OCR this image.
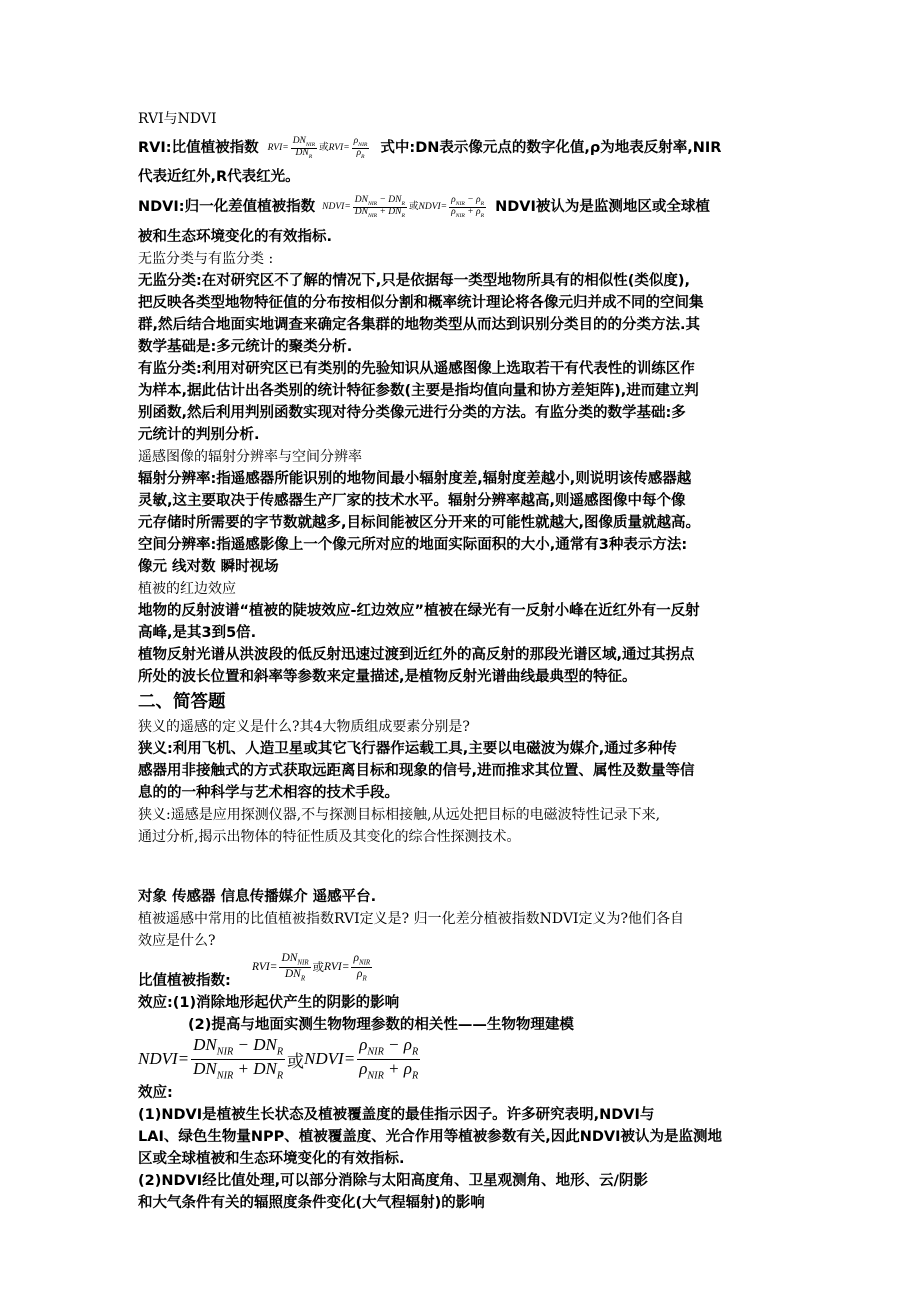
RVI与NDVI
RVI:比值植被指数 RVI = $\frac{DN_{NIR}}{DN_R}$ 或 RVI = $\frac{\rho_{NIR}}{\rho_R}$ 式中:DN表示像元点的数字化值,ρ为地表反射率,NIR
代表近红外,R代表红光。
NDVI:归一化差值植被指数 NDVI = $\frac{DN_{NIR} - DN_R}{DN_{NIR} + DN_R}$ 或 NDVI = $\frac{\rho_{NIR} - \rho_R}{\rho_{NIR} + \rho_R}$ NDVI被认为是监测地区或全球植
被和生态环境变化的有效指标.
无监分类与有监分类 :
无监分类:在对研究区不了解的情况下,只是依据每一类型地物所具有的相似性(类似度),
把反映各类型地物特征值的分布按相似分割和概率统计理论将各像元归并成不同的空间集
群,然后结合地面实地调查来确定各集群的地物类型从而达到识别分类目的的分类方法.其
数学基础是:多元统计的聚类分析.
有监分类:利用对研究区已有类别的先验知识从遥感图像上选取若干有代表性的训练区作
为样本,据此估计出各类别的统计特征参数(主要是指均值向量和协方差矩阵),进而建立判
别函数,然后利用判别函数实现对待分类像元进行分类的方法。有监分类的数学基础:多
元统计的判别分析.
遥感图像的辐射分辨率与空间分辨率
辐射分辨率:指遥感器所能识别的地物间最小辐射度差,辐射度差越小,则说明该传感器越
灵敏,这主要取决于传感器生产厂家的技术水平。辐射分辨率越高,则遥感图像中每个像
元存储时所需要的字节数就越多,目标间能被区分开来的可能性就越大,图像质量就越高。
空间分辨率:指遥感影像上一个像元所对应的地面实际面积的大小,通常有3种表示方法:
像元 线对数 瞬时视场
植被的红边效应
地物的反射波谱“植被的陡坡效应-红边效应”植被在绿光有一反射小峰在近红外有一反射
高峰,是其3到5倍.
植物反射光谱从洪波段的低反射迅速过渡到近红外的高反射的那段光谱区域,通过其拐点
所处的波长位置和斜率等参数来定量描述,是植物反射光谱曲线最典型的特征。
二、简答题
狭义的遥感的定义是什么?其4大物质组成要素分别是?
狭义:利用飞机、人造卫星或其它飞行器作运载工具,主要以电磁波为媒介,通过多种传
感器用非接触式的方式获取远距离目标和现象的信号,进而推求其位置、属性及数量等信
息的的一种科学与艺术相容的技术手段。
狭义:遥感是应用探测仪器,不与探测目标相接触,从远处把目标的电磁波特性记录下来,
通过分析,揭示出物体的特征性质及其变化的综合性探测技术。
对象 传感器 信息传播媒介 遥感平台.
植被遥感中常用的比值植被指数RVI定义是? 归一化差分植被指数NDVI定义为?他们各自
效应是什么?
RVI = $\frac{DN_{NIR}}{DN_R}$ 或 RVI = $\frac{\rho_{NIR}}{\rho_R}$
比值植被指数:
效应:(1)消除地形起伏产生的阴影的影响
(2)提高与地面实测生物物理参数的相关性——生物物理建模
NDVI = $\frac{DN_{NIR} - DN_R}{DN_{NIR} + DN_R}$ 或 NDVI = $\frac{\rho_{NIR} - \rho_R}{\rho_{NIR} + \rho_R}$
效应:
(1)NDVI是植被生长状态及植被覆盖度的最佳指示因子。许多研究表明,NDVI与
LAI、绿色生物量NPP、植被覆盖度、光合作用等植被参数有关,因此NDVI被认为是监测地
区或全球植被和生态环境变化的有效指标.
(2)NDVI经比值处理,可以部分消除与太阳高度角、卫星观测角、地形、云/阴影
和大气条件有关的辐照度条件变化(大气程辐射)的影响
